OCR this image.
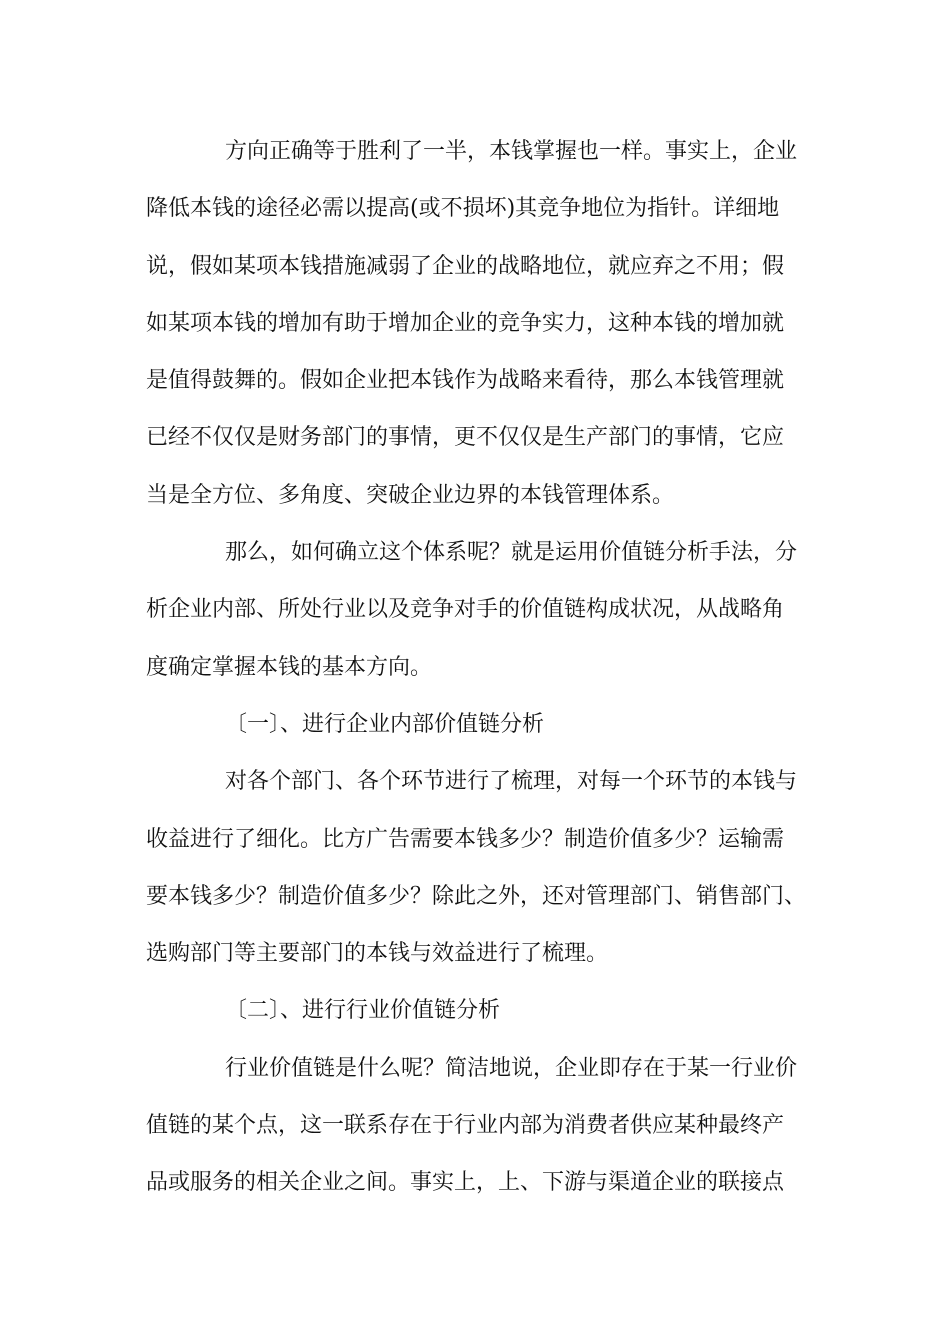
方向正确等于胜利了一半，本钱掌握也一样。事实上，企业
降低本钱的途径必需以提高(或不损坏)其竞争地位为指针。详细地
说，假如某项本钱措施减弱了企业的战略地位，就应弃之不用；假
如某项本钱的增加有助于增加企业的竞争实力，这种本钱的增加就
是值得鼓舞的。假如企业把本钱作为战略来看待，那么本钱管理就
已经不仅仅是财务部门的事情，更不仅仅是生产部门的事情，它应
当是全方位、多角度、突破企业边界的本钱管理体系。
那么，如何确立这个体系呢？就是运用价值链分析手法，分
析企业内部、所处行业以及竞争对手的价值链构成状况，从战略角
度确定掌握本钱的基本方向。
〔一〕、进行企业内部价值链分析
对各个部门、各个环节进行了梳理，对每一个环节的本钱与
收益进行了细化。比方广告需要本钱多少？制造价值多少？运输需
要本钱多少？制造价值多少？除此之外，还对管理部门、销售部门、
选购部门等主要部门的本钱与效益进行了梳理。
〔二〕、进行行业价值链分析
行业价值链是什么呢？简洁地说，企业即存在于某一行业价
值链的某个点，这一联系存在于行业内部为消费者供应某种最终产
品或服务的相关企业之间。事实上，上、下游与渠道企业的联接点
